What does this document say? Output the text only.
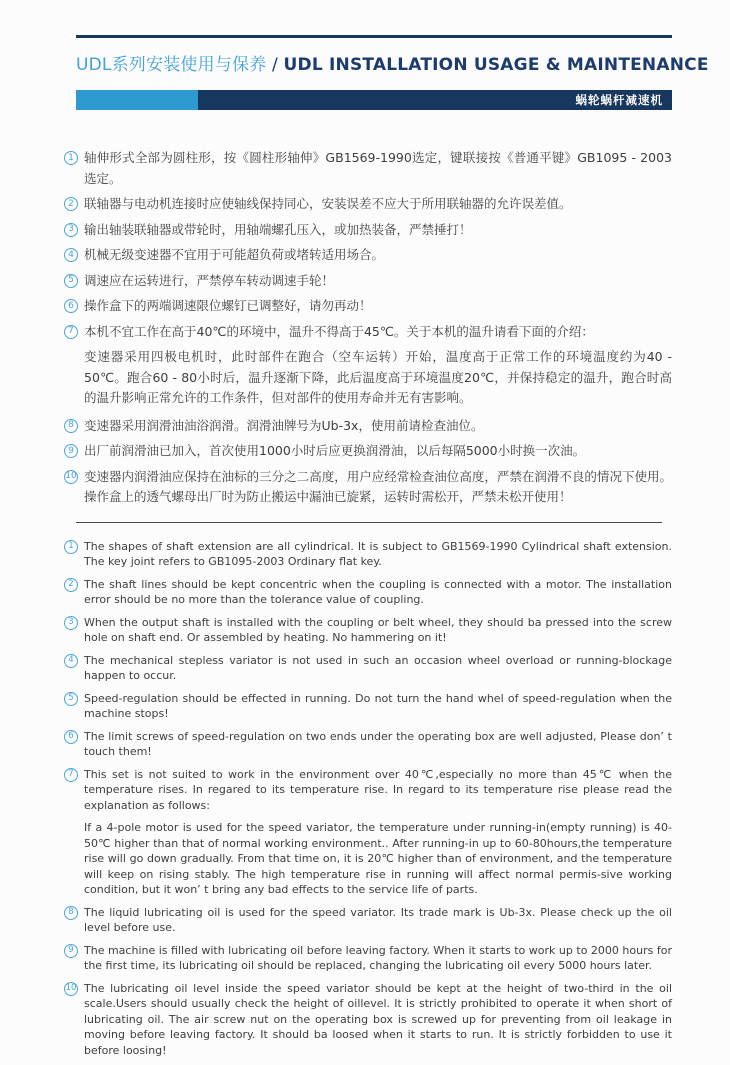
UDL系列安装使用与保养 / UDL INSTALLATION USAGE & MAINTENANCE
蜗轮蜗杆减速机
1 轴伸形式全部为圆柱形，按《圆柱形轴伸》GB1569-1990选定，键联接按《普通平键》GB1095 - 2003选定。

2 联轴器与电动机连接时应使轴线保持同心，安装误差不应大于所用联轴器的允许误差值。

3 输出轴装联轴器或带轮时，用轴端螺孔压入，或加热装备，严禁捶打！

4 机械无级变速器不宜用于可能超负荷或堵转适用场合。

5 调速应在运转进行，严禁停车转动调速手轮！

6 操作盒下的两端调速限位螺钉已调整好，请勿再动！

7 本机不宜工作在高于40℃的环境中，温升不得高于45℃。关于本机的温升请看下面的介绍：

变速器采用四极电机时，此时部件在跑合（空车运转）开始，温度高于正常工作的环境温度约为40 - 50℃。跑合60 - 80小时后，温升逐渐下降，此后温度高于环境温度20℃，并保持稳定的温升，跑合时高的温升影响正常允许的工作条件，但对部件的使用寿命并无有害影响。

8 变速器采用润滑油油浴润滑。润滑油牌号为Ub-3x，使用前请检查油位。

9 出厂前润滑油已加入，首次使用1000小时后应更换润滑油，以后每隔5000小时换一次油。

10 变速器内润滑油应保持在油标的三分之二高度，用户应经常检查油位高度，严禁在润滑不良的情况下使用。操作盒上的透气螺母出厂时为防止搬运中漏油已旋紧，运转时需松开，严禁未松开使用！

1 The shapes of shaft extension are all cylindrical. It is subject to GB1569-1990 Cylindrical shaft extension. The key joint refers to GB1095-2003 Ordinary flat key.

2 The shaft lines should be kept concentric when the coupling is connected with a motor. The installation error should be no more than the tolerance value of coupling.

3 When the output shaft is installed with the coupling or belt wheel, they should ba pressed into the screw hole on shaft end. Or assembled by heating. No hammering on it!

4 The mechanical stepless variator is not used in such an occasion wheel overload or running-blockage happen to occur.

5 Speed-regulation should be effected in running. Do not turn the hand whel of speed-regulation when the machine stops!

6 The limit screws of speed-regulation on two ends under the operating box are well adjusted, Please don’ t touch them!

7 This set is not suited to work in the environment over 40℃,especially no more than 45℃ when the temperature rises. In regared to its temperature rise. In regard to its temperature rise please read the explanation as follows:

If a 4-pole motor is used for the speed variator, the temperature under running-in(empty running) is 40-50℃ higher than that of normal working environment.. After running-in up to 60-80hours,the temperature rise will go down gradually. From that time on, it is 20℃ higher than of environment, and the temperature will keep on rising stably. The high temperature rise in running will affect normal permis-sive working condition, but it won’ t bring any bad effects to the service life of parts.

8 The liquid lubricating oil is used for the speed variator. Its trade mark is Ub-3x. Please check up the oil level before use.

9 The machine is filled with lubricating oil before leaving factory. When it starts to work up to 2000 hours for the first time, its lubricating oil should be replaced, changing the lubricating oil every 5000 hours later.

10 The lubricating oil level inside the speed variator should be kept at the height of two-third in the oil scale.Users should usually check the height of oillevel. It is strictly prohibited to operate it when short of lubricating oil. The air screw nut on the operating box is screwed up for preventing from oil leakage in moving before leaving factory. It should ba loosed when it starts to run. It is strictly forbidden to use it before loosing!
